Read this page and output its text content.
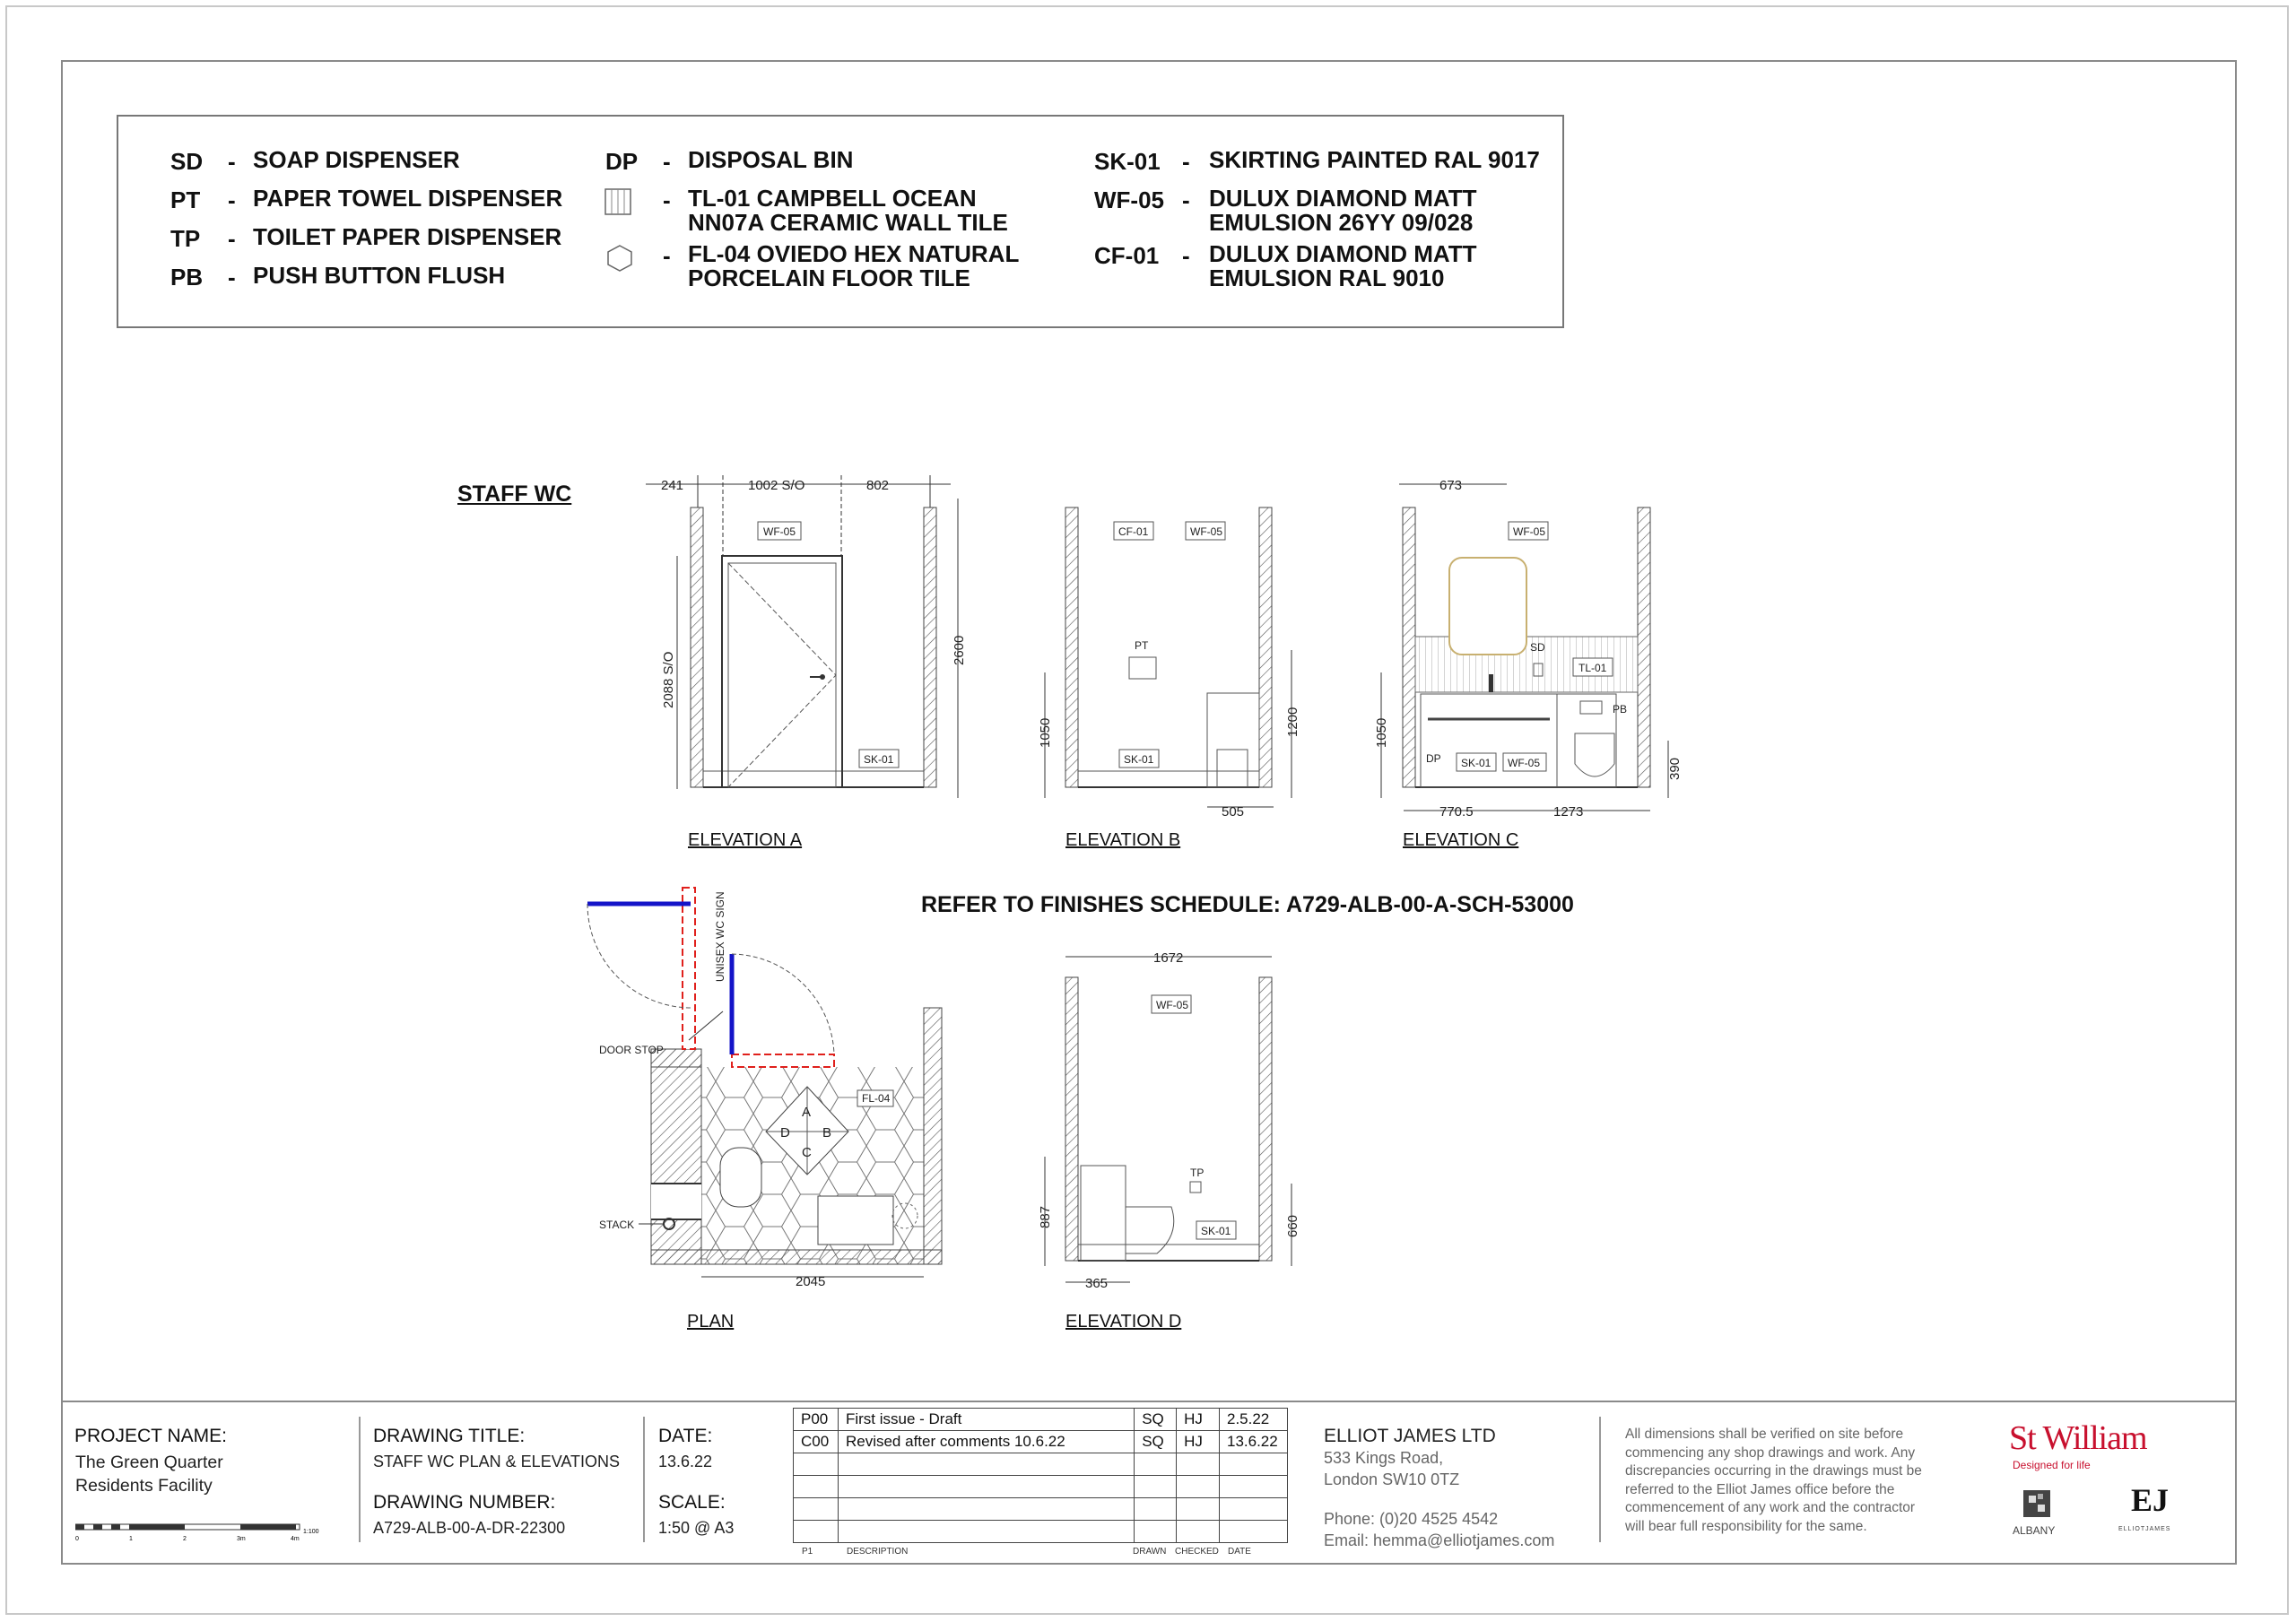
SD - SOAP DISPENSER
PT - PAPER TOWEL DISPENSER
TP - TOILET PAPER DISPENSER
PB - PUSH BUTTON FLUSH
DP - DISPOSAL BIN
- TL-01 CAMPBELL OCEAN
NN07A CERAMIC WALL TILE
- FL-04 OVIEDO HEX NATURAL
PORCELAIN FLOOR TILE
SK-01 - SKIRTING PAINTED RAL 9017
WF-05 - DULUX DIAMOND MATT
EMULSION 26YY 09/028
CF-01 - DULUX DIAMOND MATT
EMULSION RAL 9010
STAFF WC
REFER TO FINISHES SCHEDULE: A729-ALB-00-A-SCH-53000
241	1002 S/O	802
2600
2088 S/O
WF-05
SK-01
1050	1200
505
CF-01	WF-05
SK-01
PT
673
1050
770.5	1273
390
WF-05
TL-01
SD
PB
DP SK-01 WF-05
UNISEX WC SIGN
DOOR STOP
STACK
FL-04
A
B
C
D
2045
1672
887	660
365
WF-05
TP
SK-01
ELEVATION A	ELEVATION B	ELEVATION C
PLAN	ELEVATION D
PROJECT NAME:
The Green Quarter
Residents Facility
0	1	2	3m	4m
1:100
DRAWING TITLE:
STAFF WC PLAN & ELEVATIONS
DRAWING NUMBER:
A729-ALB-00-A-DR-22300
DATE:
13.6.22
SCALE:
1:50 @ A3
P00	First issue - Draft	SQ	HJ	2.5.22
C00	Revised after comments 10.6.22	SQ	HJ	13.6.22

P1	DESCRIPTION	DRAWN CHECKED DATE
ELLIOT JAMES LTD
533 Kings Road,
London SW10 0TZ
Phone: (0)20 4525 4542
Email: hemma@elliotjames.com
All dimensions shall be verified on site before commencing any shop drawings and work. Any discrepancies occurring in the drawings must be referred to the Elliot James office before the commencement of any work and the contractor will bear full responsibility for the same.
St William
Designed for life
ALBANY
EJ
ELLIOTJAMES
